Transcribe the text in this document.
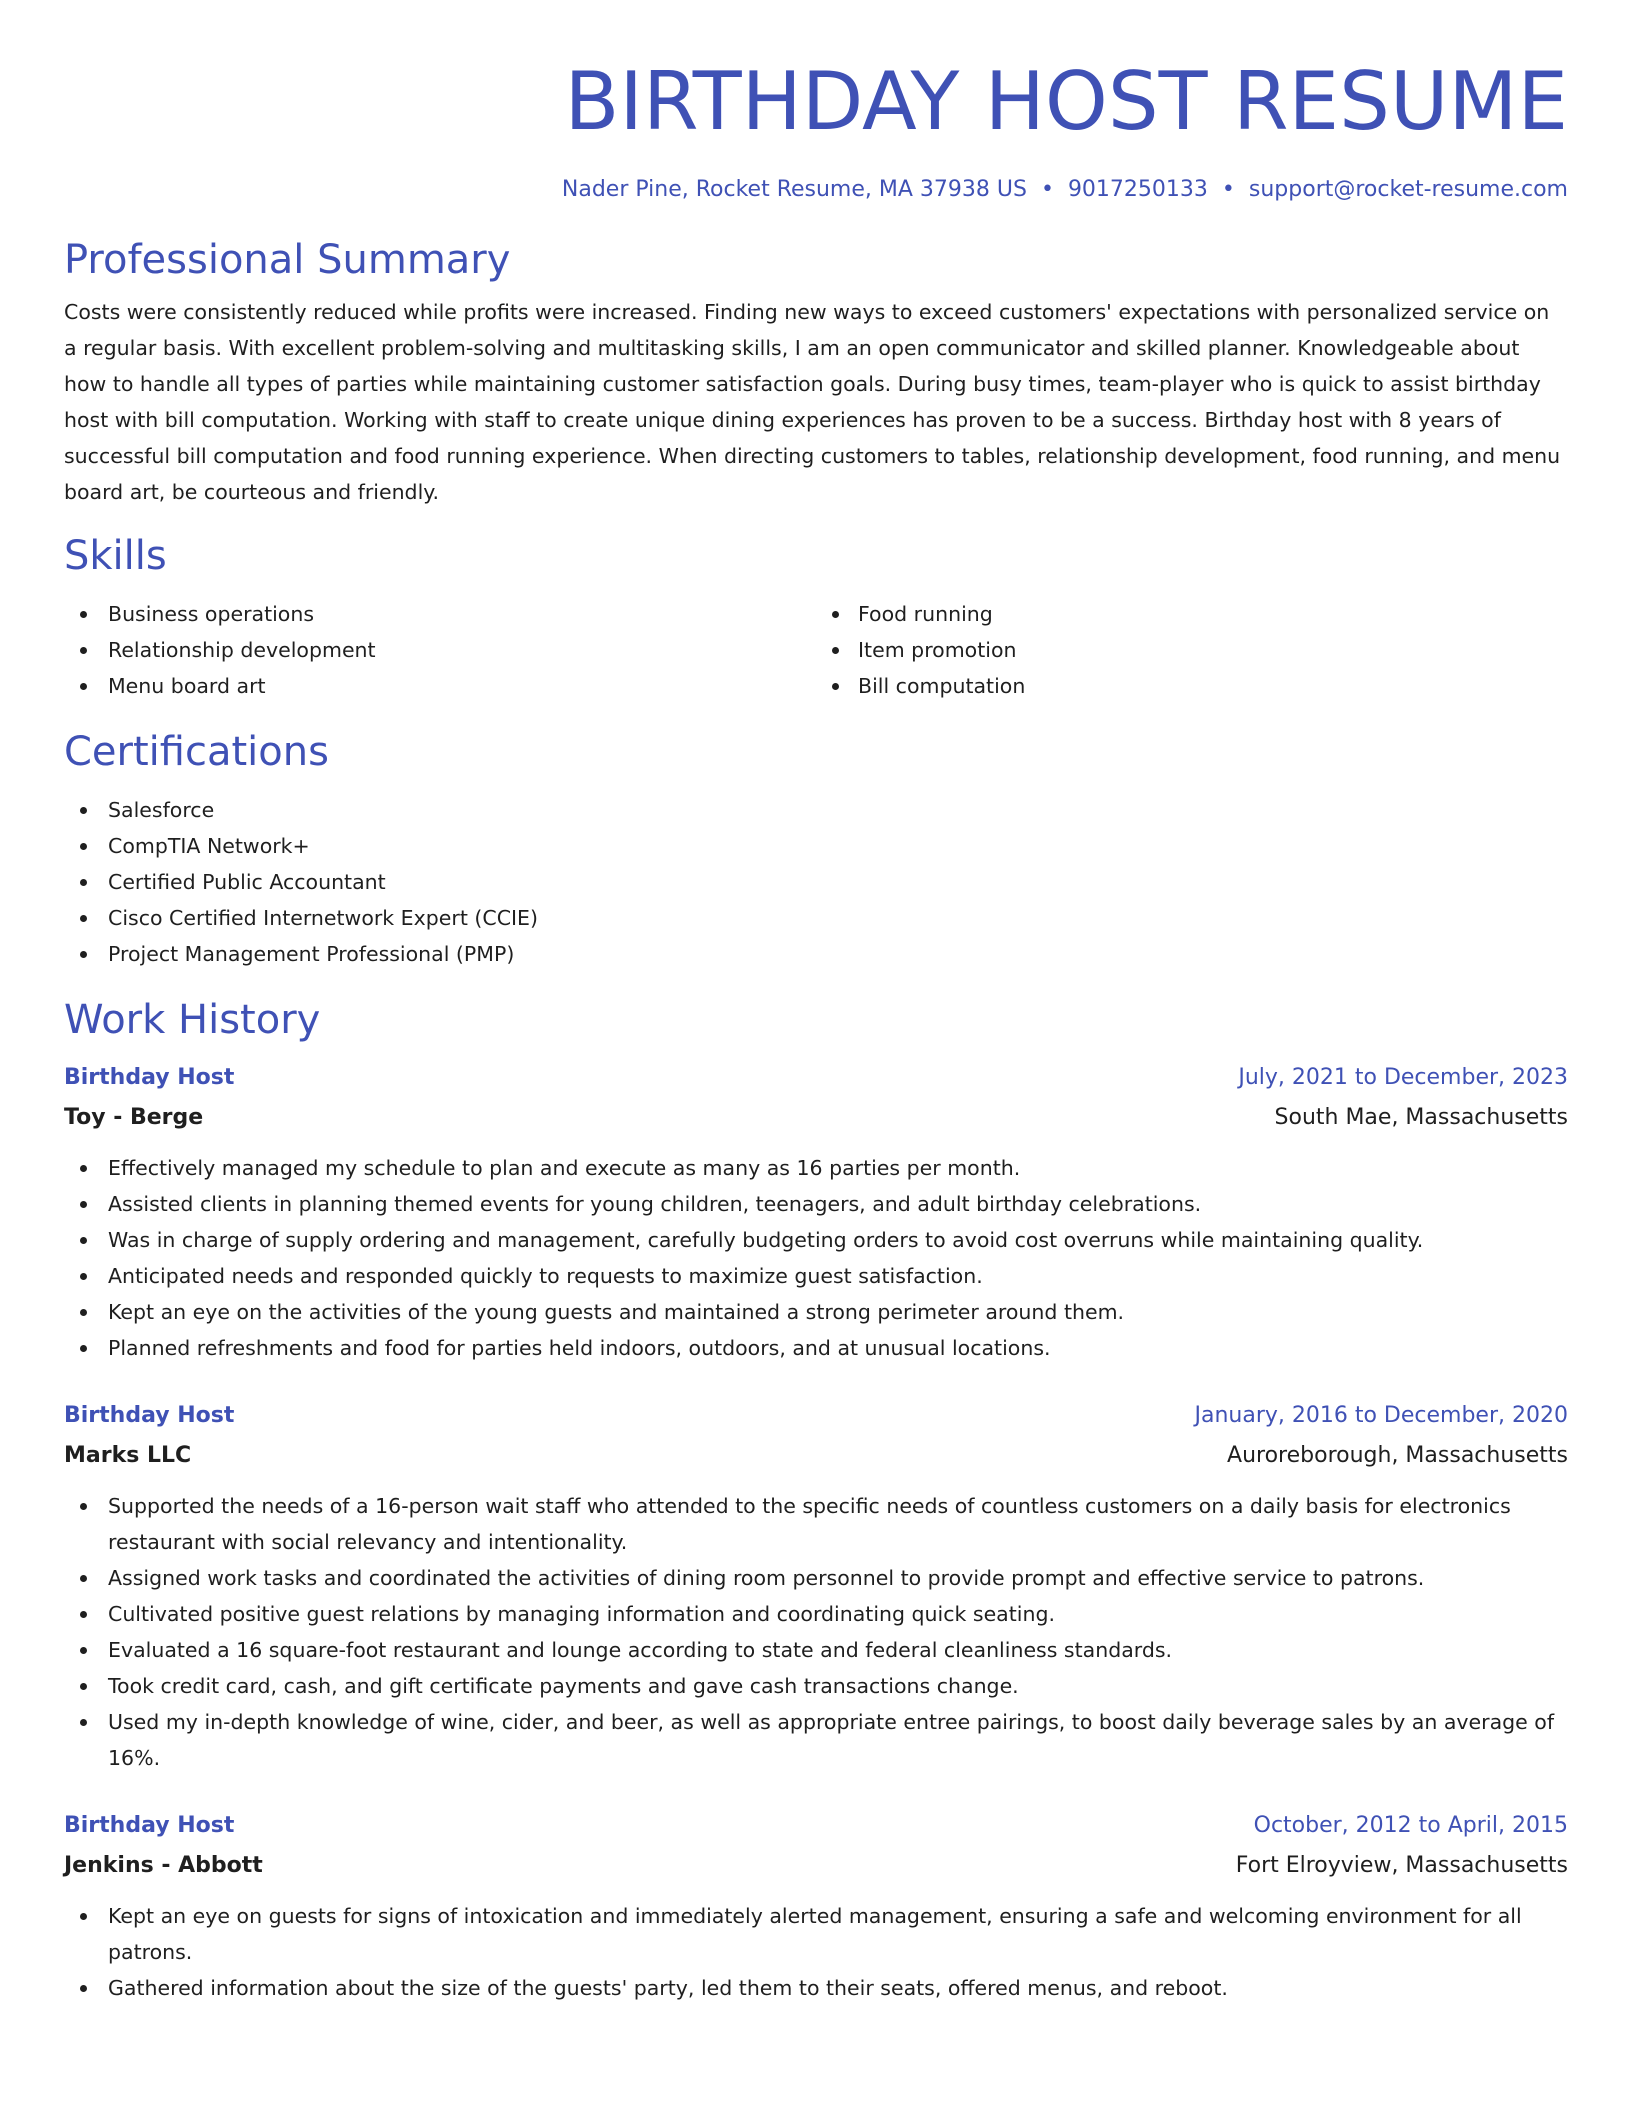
BIRTHDAY HOST RESUME
Nader Pine, Rocket Resume, MA 37938 US • 9017250133 • support@rocket-resume.com
Professional Summary

Costs were consistently reduced while profits were increased. Finding new ways to exceed customers' expectations with personalized service on a regular basis. With excellent problem-solving and multitasking skills, I am an open communicator and skilled planner. Knowledgeable about how to handle all types of parties while maintaining customer satisfaction goals. During busy times, team-player who is quick to assist birthday host with bill computation. Working with staff to create unique dining experiences has proven to be a success. Birthday host with 8 years of successful bill computation and food running experience. When directing customers to tables, relationship development, food running, and menu board art, be courteous and friendly.

Skills
Business operations
Relationship development
Menu board art
Food running
Item promotion
Bill computation
Certifications
Salesforce
CompTIA Network+
Certified Public Accountant
Cisco Certified Internetwork Expert (CCIE)
Project Management Professional (PMP)
Work History
Birthday Host	July, 2021 to December, 2023
Toy - Berge	South Mae, Massachusetts
Effectively managed my schedule to plan and execute as many as 16 parties per month.
Assisted clients in planning themed events for young children, teenagers, and adult birthday celebrations.
Was in charge of supply ordering and management, carefully budgeting orders to avoid cost overruns while maintaining quality.
Anticipated needs and responded quickly to requests to maximize guest satisfaction.
Kept an eye on the activities of the young guests and maintained a strong perimeter around them.
Planned refreshments and food for parties held indoors, outdoors, and at unusual locations.
Birthday Host	January, 2016 to December, 2020
Marks LLC	Auroreborough, Massachusetts
Supported the needs of a 16-person wait staff who attended to the specific needs of countless customers on a daily basis for electronics restaurant with social relevancy and intentionality.
Assigned work tasks and coordinated the activities of dining room personnel to provide prompt and effective service to patrons.
Cultivated positive guest relations by managing information and coordinating quick seating.
Evaluated a 16 square-foot restaurant and lounge according to state and federal cleanliness standards.
Took credit card, cash, and gift certificate payments and gave cash transactions change.
Used my in-depth knowledge of wine, cider, and beer, as well as appropriate entree pairings, to boost daily beverage sales by an average of 16%.
Birthday Host	October, 2012 to April, 2015
Jenkins - Abbott	Fort Elroyview, Massachusetts
Kept an eye on guests for signs of intoxication and immediately alerted management, ensuring a safe and welcoming environment for all patrons.
Gathered information about the size of the guests' party, led them to their seats, offered menus, and reboot.
